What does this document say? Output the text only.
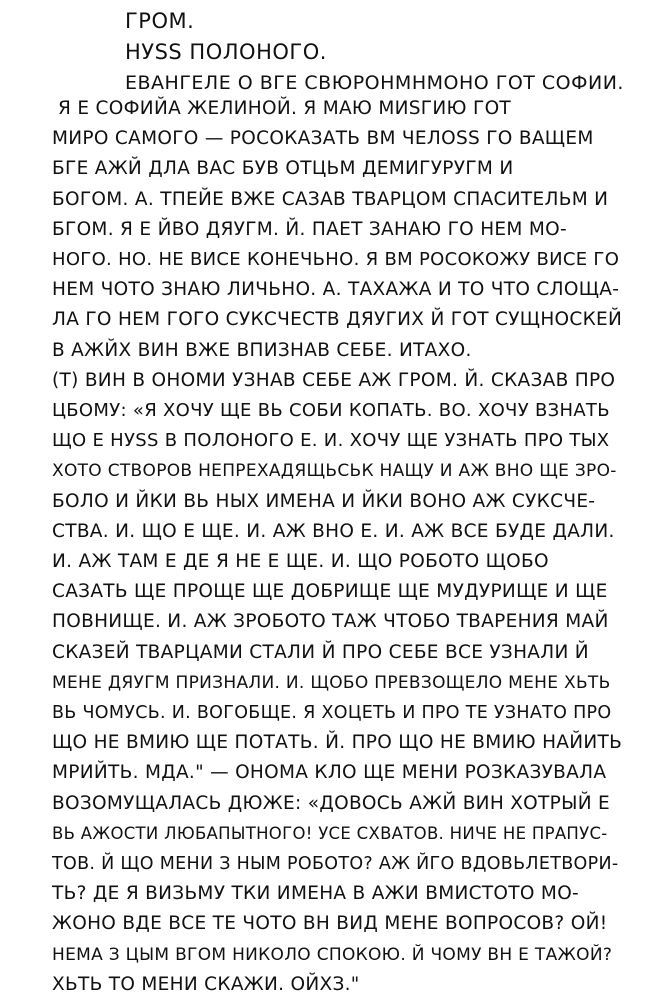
ГРОМ.
НУSS ПОЛОНОГО.
ЕВАНГЕЛЕ О ВГЕ СВЮРОНМНМОНО ГОТ СОФИИ.
Я Е СОФИЙА ЖЕЛИНОЙ. Я МАЮ МИSГИЮ ГОТ
МИРО САМОГО — РОСОКАЗАТЬ ВМ ЧЕЛОSS ГО ВАЩЕМ
БГЕ АЖЙ ДЛА ВАС БУВ ОТЦЬМ ДЕМИГУРУГМ И
БОГОМ. А. ТПЕЙЕ ВЖЕ САЗАВ ТВАРЦОМ СПАСИТЕЛЬМ И
БГОМ. Я Е ЙВО ДЯУГМ. Й. ПАЕТ ЗАНАЮ ГО НЕМ МО-
НОГО. НО. НЕ ВИСЕ КОНЕЧЬНО. Я ВМ РОСОКОЖУ ВИСЕ ГО
НЕМ ЧОТО ЗНАЮ ЛИЧЬНО. А. ТАХАЖА И ТО ЧТО СЛОЩА-
ЛА ГО НЕМ ГОГО СУКСЧЕСТВ ДЯУГИХ Й ГОТ СУЩНОСКЕЙ
В АЖЙХ ВИН ВЖЕ ВПИЗНАВ СЕБЕ. ИТАХО.
(Т) ВИН В ОНОМИ УЗНАВ СЕБЕ АЖ ГРОМ. Й. СКАЗАВ ПРО
ЦБОМУ: «Я ХОЧУ ЩЕ ВЬ СОБИ КОПАТЬ. ВО. ХОЧУ ВЗНАТЬ
ЩО Е НУSS В ПОЛОНОГО Е. И. ХОЧУ ЩЕ УЗНАТЬ ПРО ТЫХ
ХОТО СТВОРОВ НЕПРЕХАДЯЩЬСЬК НАЩУ И АЖ ВНО ЩЕ ЗРО-
БОЛО И ЙКИ ВЬ НЫХ ИМЕНА И ЙКИ ВОНО АЖ СУКСЧЕ-
СТВА. И. ЩО Е ЩЕ. И. АЖ ВНО Е. И. АЖ ВСЕ БУДЕ ДАЛИ.
И. АЖ ТАМ Е ДЕ Я НЕ Е ЩЕ. И. ЩО РОБОТО ЩОБО
САЗАТЬ ЩЕ ПРОЩЕ ЩЕ ДОБРИЩЕ ЩЕ МУДУРИЩЕ И ЩЕ
ПОВНИЩЕ. И. АЖ ЗРОБОТО ТАЖ ЧТОБО ТВАРЕНИЯ МАЙ
СКАЗЕЙ ТВАРЦАМИ СТАЛИ Й ПРО СЕБЕ ВСЕ УЗНАЛИ Й
МЕНЕ ДЯУГМ ПРИЗНАЛИ. И. ЩОБО ПРЕВЗОЩЕЛО МЕНЕ ХЬТЬ
ВЬ ЧОМУСЬ. И. ВОГОБЩЕ. Я ХОЦЕТЬ И ПРО ТЕ УЗНАТО ПРО
ЩО НЕ ВМИЮ ЩЕ ПОТАТЬ. Й. ПРО ЩО НЕ ВМИЮ НАЙИТЬ
МРИЙТЬ. МДА." — ОНОМА КЛО ЩЕ МЕНИ РОЗКАЗУВАЛА
ВОЗОМУЩАЛАСЬ ДЮЖЕ: «ДОВОСЬ АЖЙ ВИН ХОТРЫЙ Е
ВЬ АЖОСТИ ЛЮБАПЫТНОГО! УСЕ СХВАТОВ. НИЧЕ НЕ ПРАПУС-
ТОВ. Й ЩО МЕНИ З НЫМ РОБОТО? АЖ ЙГО ВДОВЬЛЕТВОРИ-
ТЬ? ДЕ Я ВИЗЬМУ ТКИ ИМЕНА В АЖИ ВМИСТОТО МО-
ЖОНО ВДЕ ВСЕ ТЕ ЧОТО ВН ВИД МЕНЕ ВОПРОСОВ? ОЙ!
НЕМА З ЦЫМ ВГОМ НИКОЛО СПОКОЮ. Й ЧОМУ ВН Е ТАЖОЙ?
ХЬТЬ ТО МЕНИ СКАЖИ. ОЙХЗ."
